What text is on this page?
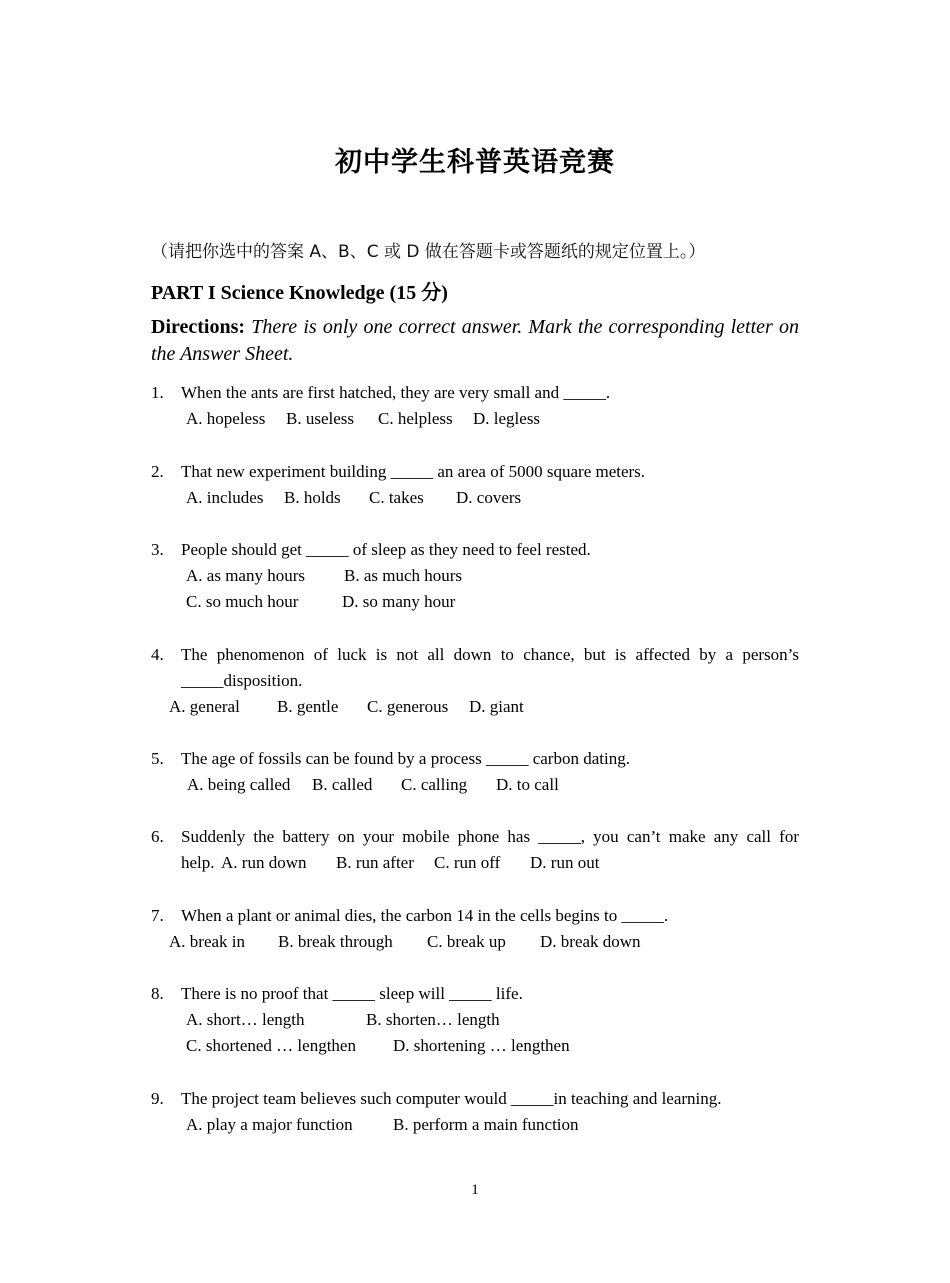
初中学生科普英语竞赛
（请把你选中的答案 A、B、C 或 D 做在答题卡或答题纸的规定位置上。）
PART I Science Knowledge (15 分)
Directions: There is only one correct answer. Mark the corresponding letter on the Answer Sheet.
1. When the ants are first hatched, they are very small and _____.
A. hopeless B. useless C. helpless D. legless
2. That new experiment building _____ an area of 5000 square meters.
A. includes B. holds C. takes D. covers
3. People should get _____ of sleep as they need to feel rested.
A. as many hours B. as much hours
C. so much hour	D. so many hour
4. The phenomenon of luck is not all down to chance, but is affected by a person’s
_____disposition.
A. general B. gentle C. generous D. giant
5. The age of fossils can be found by a process _____ carbon dating.
A. being called B. called C. calling D. to call
6. Suddenly the battery on your mobile phone has _____, you can’t make any call for
help. A. run down B. run after C. run off D. run out
7. When a plant or animal dies, the carbon 14 in the cells begins to _____.
A. break in B. break through C. break up D. break down
8. There is no proof that _____ sleep will _____ life.
A. short… length	B. shorten… length
C. shortened … lengthen D. shortening … lengthen
9. The project team believes such computer would _____in teaching and learning.
A. play a major function B. perform a main function
1
